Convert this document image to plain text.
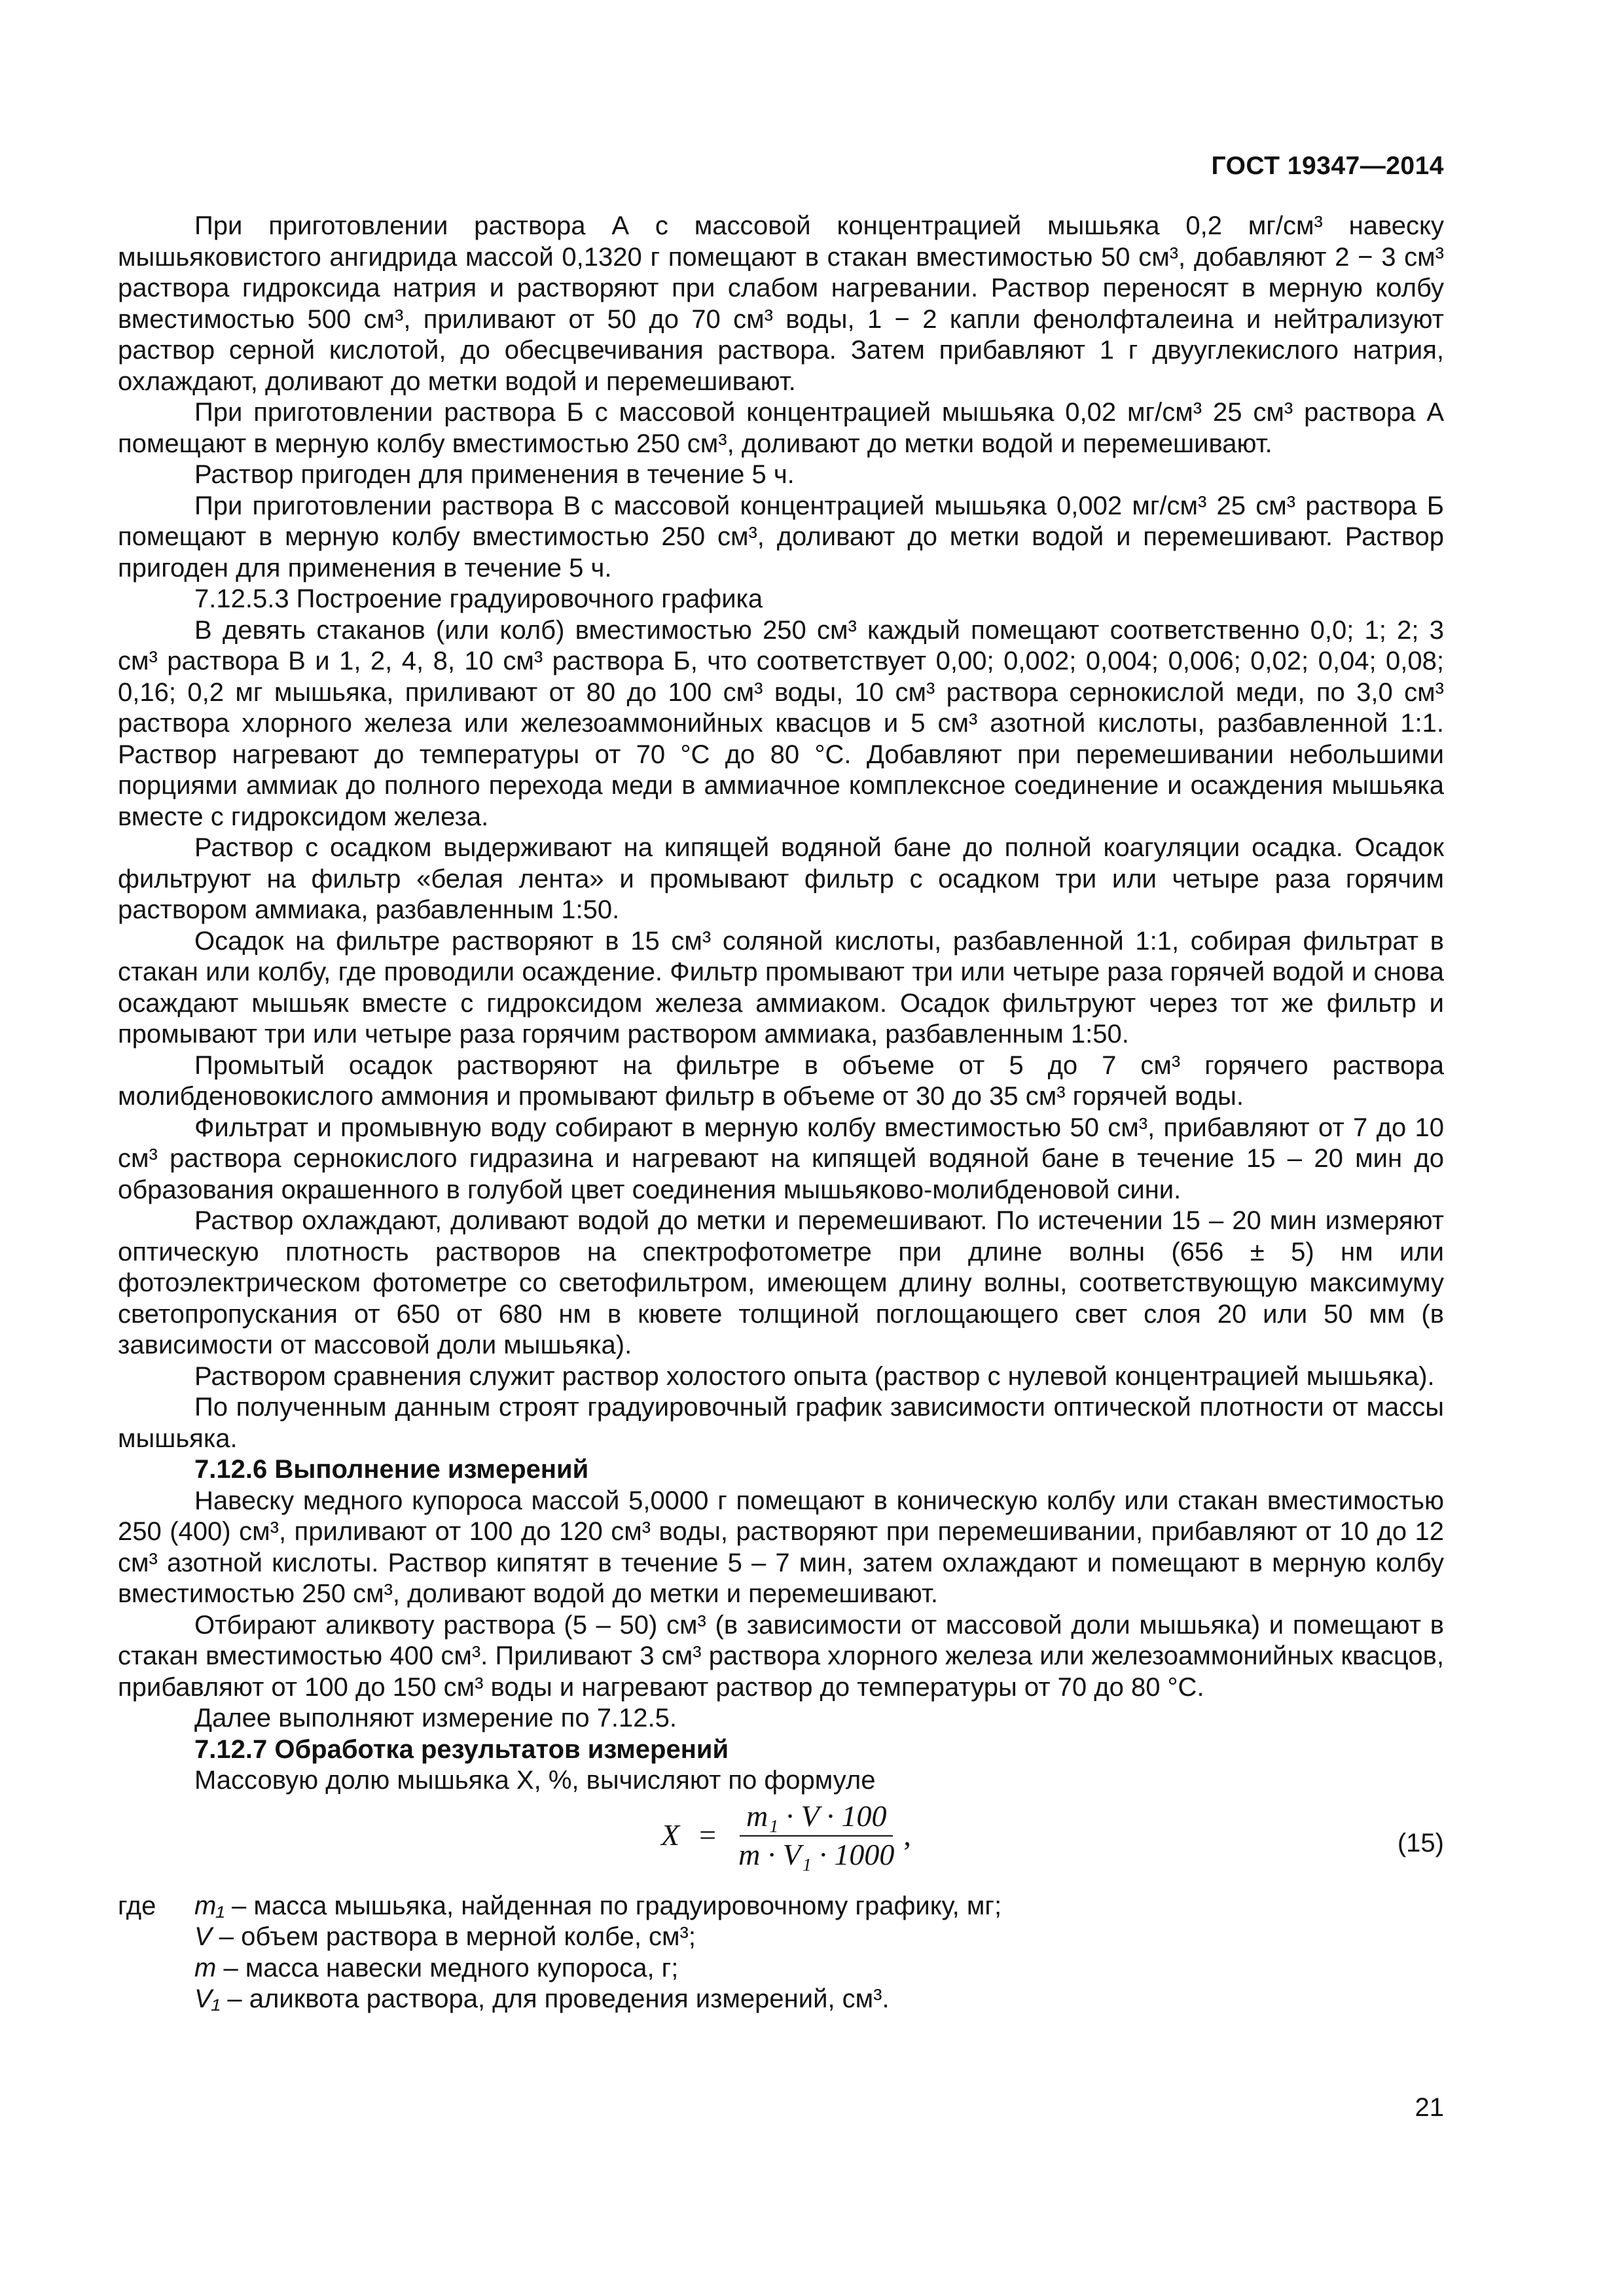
ГОСТ 19347—2014

При приготовлении раствора А с массовой концентрацией мышьяка 0,2 мг/см³ навеску мышьяковистого ангидрида массой 0,1320 г помещают в стакан вместимостью 50 см³, добавляют 2 − 3 см³ раствора гидроксида натрия и растворяют при слабом нагревании. Раствор переносят в мерную колбу вместимостью 500 см³, приливают от 50 до 70 см³ воды, 1 − 2 капли фенолфталеина и нейтрализуют раствор серной кислотой, до обесцвечивания раствора. Затем прибавляют 1 г двууглекислого натрия, охлаждают, доливают до метки водой и перемешивают.

При приготовлении раствора Б с массовой концентрацией мышьяка 0,02 мг/см³ 25 см³ раствора А помещают в мерную колбу вместимостью 250 см³, доливают до метки водой и перемешивают.

Раствор пригоден для применения в течение 5 ч.

При приготовлении раствора В с массовой концентрацией мышьяка 0,002 мг/см³ 25 см³ раствора Б помещают в мерную колбу вместимостью 250 см³, доливают до метки водой и перемешивают. Раствор пригоден для применения в течение 5 ч.

7.12.5.3 Построение градуировочного графика

В девять стаканов (или колб) вместимостью 250 см³ каждый помещают соответственно 0,0; 1; 2; 3 см³ раствора В и 1, 2, 4, 8, 10 см³ раствора Б, что соответствует 0,00; 0,002; 0,004; 0,006; 0,02; 0,04; 0,08; 0,16; 0,2 мг мышьяка, приливают от 80 до 100 см³ воды, 10 см³ раствора сернокислой меди, по 3,0 см³ раствора хлорного железа или железоаммонийных квасцов и 5 см³ азотной кислоты, разбавленной 1:1. Раствор нагревают до температуры от 70 °С до 80 °С. Добавляют при перемешивании небольшими порциями аммиак до полного перехода меди в аммиачное комплексное соединение и осаждения мышьяка вместе с гидроксидом железа.

Раствор с осадком выдерживают на кипящей водяной бане до полной коагуляции осадка. Осадок фильтруют на фильтр «белая лента» и промывают фильтр с осадком три или четыре раза горячим раствором аммиака, разбавленным 1:50.

Осадок на фильтре растворяют в 15 см³ соляной кислоты, разбавленной 1:1, собирая фильтрат в стакан или колбу, где проводили осаждение. Фильтр промывают три или четыре раза горячей водой и снова осаждают мышьяк вместе с гидроксидом железа аммиаком. Осадок фильтруют через тот же фильтр и промывают три или четыре раза горячим раствором аммиака, разбавленным 1:50.

Промытый осадок растворяют на фильтре в объеме от 5 до 7 см³ горячего раствора молибденовокислого аммония и промывают фильтр в объеме от 30 до 35 см³ горячей воды.

Фильтрат и промывную воду собирают в мерную колбу вместимостью 50 см³, прибавляют от 7 до 10 см³ раствора сернокислого гидразина и нагревают на кипящей водяной бане в течение 15 – 20 мин до образования окрашенного в голубой цвет соединения мышьяково-молибденовой сини.

Раствор охлаждают, доливают водой до метки и перемешивают. По истечении 15 – 20 мин измеряют оптическую плотность растворов на спектрофотометре при длине волны (656 ± 5) нм или фотоэлектрическом фотометре со светофильтром, имеющем длину волны, соответствующую максимуму светопропускания от 650 от 680 нм в кювете толщиной поглощающего свет слоя 20 или 50 мм (в зависимости от массовой доли мышьяка).

Раствором сравнения служит раствор холостого опыта (раствор с нулевой концентрацией мышьяка).

По полученным данным строят градуировочный график зависимости оптической плотности от массы мышьяка.

7.12.6 Выполнение измерений

Навеску медного купороса массой 5,0000 г помещают в коническую колбу или стакан вместимостью 250 (400) см³, приливают от 100 до 120 см³ воды, растворяют при перемешивании, прибавляют от 10 до 12 см³ азотной кислоты. Раствор кипятят в течение 5 – 7 мин, затем охлаждают и помещают в мерную колбу вместимостью 250 см³, доливают водой до метки и перемешивают.

Отбирают аликвоту раствора (5 – 50) см³ (в зависимости от массовой доли мышьяка) и помещают в стакан вместимостью 400 см³. Приливают 3 см³ раствора хлорного железа или железоаммонийных квасцов, прибавляют от 100 до 150 см³ воды и нагревают раствор до температуры от 70 до 80 °С.

Далее выполняют измерение по 7.12.5.

7.12.7 Обработка результатов измерений

Массовую долю мышьяка X, %, вычисляют по формуле

$X = \frac{\text{m₁ · V · 100}}{\text{m · V₁ · 1000}}$ ,	(15)
где	m₁ – масса мышьяка, найденная по градуировочному графику, мг;
V – объем раствора в мерной колбе, см³;
m – масса навески медного купороса, г;
V₁ – аликвота раствора, для проведения измерений, см³.
21
